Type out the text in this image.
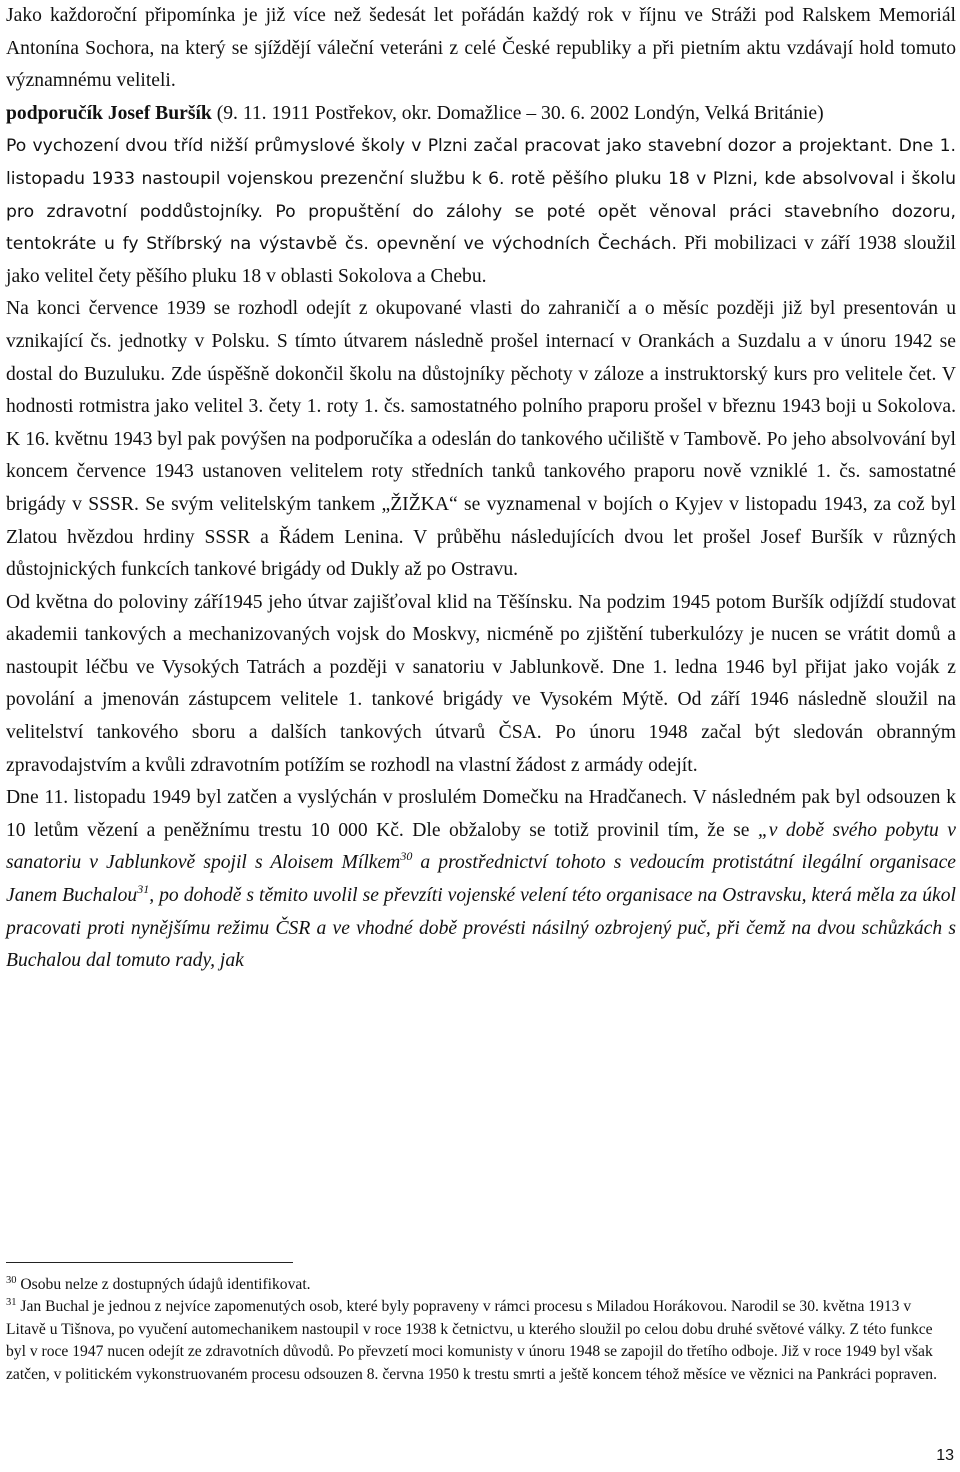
Jako každoroční připomínka je již více než šedesát let pořádán každý rok v říjnu ve Stráži pod Ralskem Memoriál Antonína Sochora, na který se sjíždějí váleční veteráni z celé České republiky a při pietním aktu vzdávají hold tomuto významnému veliteli.

podporučík Josef Buršík (9. 11. 1911 Postřekov, okr. Domažlice – 30. 6. 2002 Londýn, Velká Británie)

Po vychození dvou tříd nižší průmyslové školy v Plzni začal pracovat jako stavební dozor a projektant. Dne 1. listopadu 1933 nastoupil vojenskou prezenční službu k 6. rotě pěšího pluku 18 v Plzni, kde absolvoval i školu pro zdravotní poddůstojníky. Po propuštění do zálohy se poté opět věnoval práci stavebního dozoru, tentokráte u fy Stříbrský na výstavbě čs. opevnění ve východních Čechách. Při mobilizaci v září 1938 sloužil jako velitel čety pěšího pluku 18 v oblasti Sokolova a Chebu.

Na konci července 1939 se rozhodl odejít z okupované vlasti do zahraničí a o měsíc později již byl presentován u vznikající čs. jednotky v Polsku. S tímto útvarem následně prošel internací v Orankách a Suzdalu a v únoru 1942 se dostal do Buzuluku. Zde úspěšně dokončil školu na důstojníky pěchoty v záloze a instruktorský kurs pro velitele čet. V hodnosti rotmistra jako velitel 3. čety 1. roty 1. čs. samostatného polního praporu prošel v březnu 1943 boji u Sokolova. K 16. květnu 1943 byl pak povýšen na podporučíka a odeslán do tankového učiliště v Tambově. Po jeho absolvování byl koncem července 1943 ustanoven velitelem roty středních tanků tankového praporu nově vzniklé 1. čs. samostatné brigády v SSSR. Se svým velitelským tankem „ŽIŽKA“ se vyznamenal v bojích o Kyjev v listopadu 1943, za což byl Zlatou hvězdou hrdiny SSSR a Řádem Lenina. V průběhu následujících dvou let prošel Josef Buršík v různých důstojnických funkcích tankové brigády od Dukly až po Ostravu.

Od května do poloviny září1945 jeho útvar zajišťoval klid na Těšínsku. Na podzim 1945 potom Buršík odjíždí studovat akademii tankových a mechanizovaných vojsk do Moskvy, nicméně po zjištění tuberkulózy je nucen se vrátit domů a nastoupit léčbu ve Vysokých Tatrách a později v sanatoriu v Jablunkově. Dne 1. ledna 1946 byl přijat jako voják z povolání a jmenován zástupcem velitele 1. tankové brigády ve Vysokém Mýtě. Od září 1946 následně sloužil na velitelství tankového sboru a dalších tankových útvarů ČSA. Po únoru 1948 začal být sledován obranným zpravodajstvím a kvůli zdravotním potížím se rozhodl na vlastní žádost z armády odejít.

Dne 11. listopadu 1949 byl zatčen a vyslýchán v proslulém Domečku na Hradčanech. V následném pak byl odsouzen k 10 letům vězení a peněžnímu trestu 10 000 Kč. Dle obžaloby se totiž provinil tím, že se „v době svého pobytu v sanatoriu v Jablunkově spojil s Aloisem Mílkem$^{30}$ a prostřednictví tohoto s vedoucím protistátní ilegální organisace Janem Buchalou$^{31}$, po dohodě s těmito uvolil se převzíti vojenské velení této organisace na Ostravsku, která měla za úkol pracovati proti nynějšímu režimu ČSR a ve vhodné době provésti násilný ozbrojený puč, při čemž na dvou schůzkách s Buchalou dal tomuto rady, jak

$^{30}$ Osobu nelze z dostupných údajů identifikovat.

$^{31}$ Jan Buchal je jednou z nejvíce zapomenutých osob, které byly popraveny v rámci procesu s Miladou Horákovou. Narodil se 30. května 1913 v Litavě u Tišnova, po vyučení automechanikem nastoupil v roce 1938 k četnictvu, u kterého sloužil po celou dobu druhé světové války. Z této funkce byl v roce 1947 nucen odejít ze zdravotních důvodů. Po převzetí moci komunisty v únoru 1948 se zapojil do třetího odboje. Již v roce 1949 byl však zatčen, v politickém vykonstruovaném procesu odsouzen 8. června 1950 k trestu smrti a ještě koncem téhož měsíce ve věznici na Pankráci popraven.

13
